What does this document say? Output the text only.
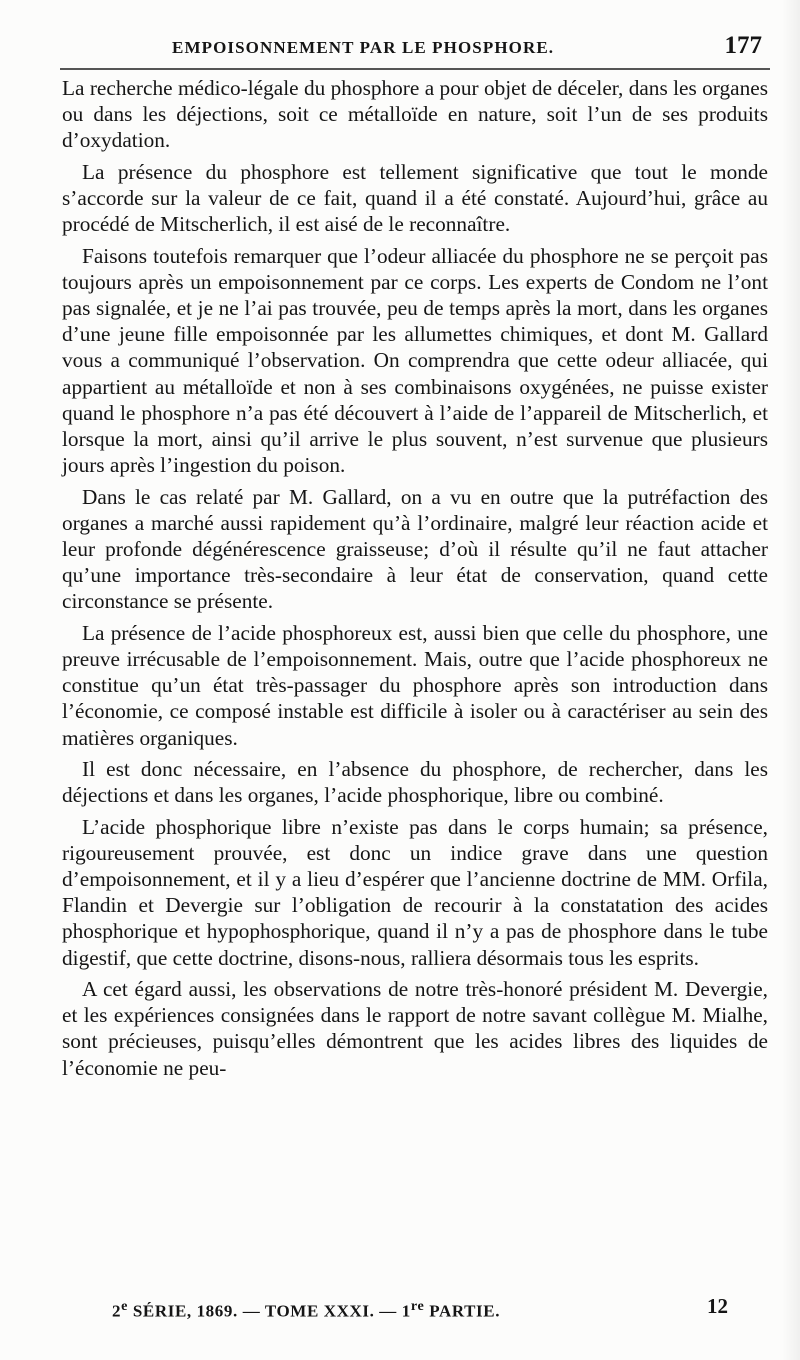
EMPOISONNEMENT PAR LE PHOSPHORE.	177

La recherche médico-légale du phosphore a pour objet de déceler, dans les organes ou dans les déjections, soit ce métalloïde en nature, soit l’un de ses produits d’oxydation.

La présence du phosphore est tellement significative que tout le monde s’accorde sur la valeur de ce fait, quand il a été constaté. Aujourd’hui, grâce au procédé de Mitscherlich, il est aisé de le reconnaître.

Faisons toutefois remarquer que l’odeur alliacée du phosphore ne se perçoit pas toujours après un empoisonnement par ce corps. Les experts de Condom ne l’ont pas signalée, et je ne l’ai pas trouvée, peu de temps après la mort, dans les organes d’une jeune fille empoisonnée par les allumettes chimiques, et dont M. Gallard vous a communiqué l’observation. On comprendra que cette odeur alliacée, qui appartient au métalloïde et non à ses combinaisons oxygénées, ne puisse exister quand le phosphore n’a pas été découvert à l’aide de l’appareil de Mitscherlich, et lorsque la mort, ainsi qu’il arrive le plus souvent, n’est survenue que plusieurs jours après l’ingestion du poison.

Dans le cas relaté par M. Gallard, on a vu en outre que la putréfaction des organes a marché aussi rapidement qu’à l’ordinaire, malgré leur réaction acide et leur profonde dégénérescence graisseuse; d’où il résulte qu’il ne faut attacher qu’une importance très-secondaire à leur état de conservation, quand cette circonstance se présente.

La présence de l’acide phosphoreux est, aussi bien que celle du phosphore, une preuve irrécusable de l’empoisonnement. Mais, outre que l’acide phosphoreux ne constitue qu’un état très-passager du phosphore après son introduction dans l’économie, ce composé instable est difficile à isoler ou à caractériser au sein des matières organiques.

Il est donc nécessaire, en l’absence du phosphore, de rechercher, dans les déjections et dans les organes, l’acide phosphorique, libre ou combiné.

L’acide phosphorique libre n’existe pas dans le corps humain; sa présence, rigoureusement prouvée, est donc un indice grave dans une question d’empoisonnement, et il y a lieu d’espérer que l’ancienne doctrine de MM. Orfila, Flandin et Devergie sur l’obligation de recourir à la constatation des acides phosphorique et hypophosphorique, quand il n’y a pas de phosphore dans le tube digestif, que cette doctrine, disons-nous, ralliera désormais tous les esprits.

A cet égard aussi, les observations de notre très-honoré président M. Devergie, et les expériences consignées dans le rapport de notre savant collègue M. Mialhe, sont précieuses, puisqu’elles démontrent que les acides libres des liquides de l’économie ne peu-

2e SÉRIE, 1869. — TOME XXXI. — 1re PARTIE.	12
